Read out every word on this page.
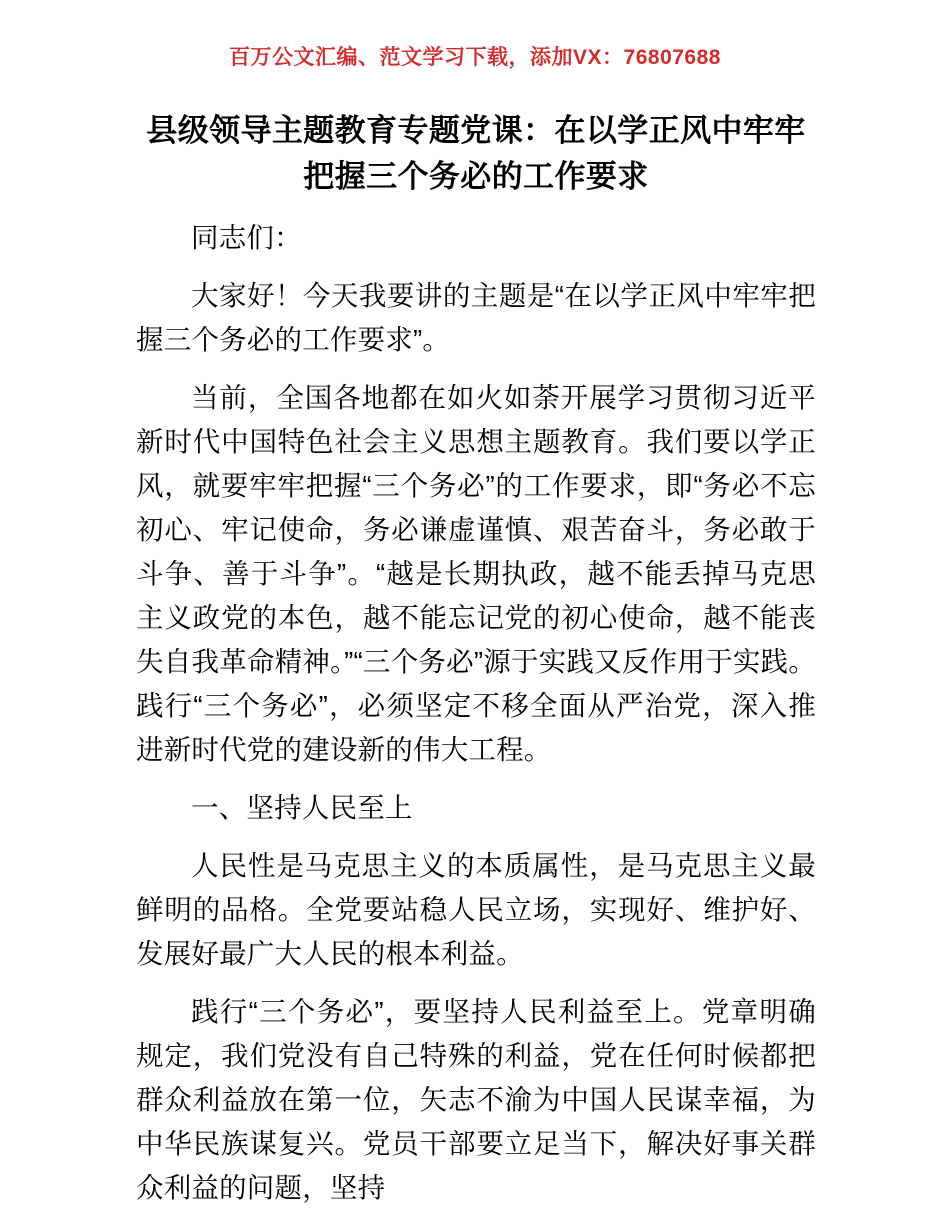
百万公文汇编、范文学习下载，添加VX：76807688
县级领导主题教育专题党课：在以学正风中牢牢把握三个务必的工作要求

同志们：

大家好！今天我要讲的主题是“在以学正风中牢牢把握三个务必的工作要求”。

当前，全国各地都在如火如荼开展学习贯彻习近平新时代中国特色社会主义思想主题教育。我们要以学正风，就要牢牢把握“三个务必”的工作要求，即“务必不忘初心、牢记使命，务必谦虚谨慎、艰苦奋斗，务必敢于斗争、善于斗争”。“越是长期执政，越不能丢掉马克思主义政党的本色，越不能忘记党的初心使命，越不能丧失自我革命精神。”“三个务必”源于实践又反作用于实践。践行“三个务必”，必须坚定不移全面从严治党，深入推进新时代党的建设新的伟大工程。

一、坚持人民至上

人民性是马克思主义的本质属性，是马克思主义最鲜明的品格。全党要站稳人民立场，实现好、维护好、发展好最广大人民的根本利益。

践行“三个务必”，要坚持人民利益至上。党章明确规定，我们党没有自己特殊的利益，党在任何时候都把群众利益放在第一位，矢志不渝为中国人民谋幸福，为中华民族谋复兴。党员干部要立足当下，解决好事关群众利益的问题，坚持
